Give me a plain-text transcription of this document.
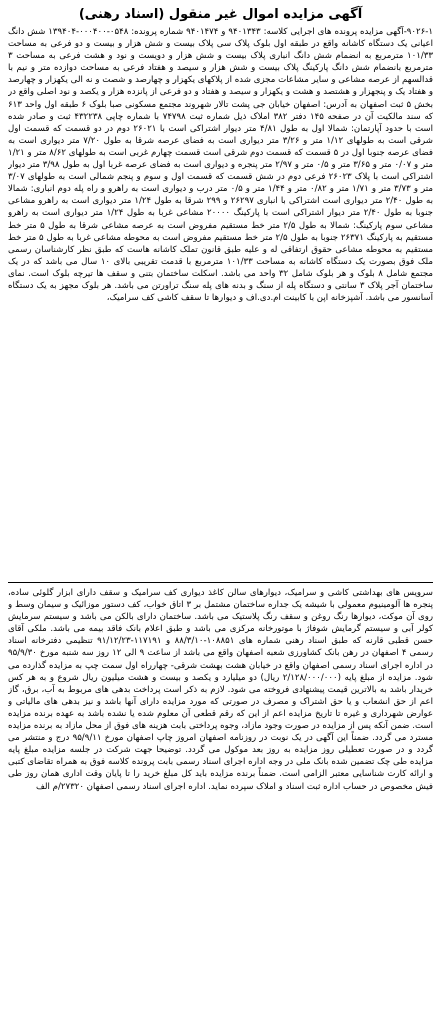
آگهی مزایده اموال غیر منقول (اسناد رهنی)

۹۰۲۶-۱-آگهی مزایده پرونده های اجرایی کلاسه: ۹۴۰۱۳۴۳ و ۹۴۰۱۴۷۴ شماره پرونده: ۰۵۴۸-۰۰۰۴۰۰-۱۳۹۴۰۴ شش دانگ اعیانی یک دستگاه کاشانه واقع در طبقه اول بلوک پلاک سی پلاک بیست و شش هزار و بیست و دو فرعی به مساحت ۱۰۱/۳۳ مترمربع به انضمام شش دانگ انباری پلاک بیست و شش هزار و دویست و نود و هشت فرعی به مساحت ۳ مترمربع بانضمام شش دانگ پارکینگ پلاک بیست و شش هزار و سیصد و هفتاد فرعی به مساحت دوازده متر و نیم با قدالسهم از عرصه مشاعی و سایر مشاعات مجزی شده از پلاکهای یکهزار و چهارصد و شصت و نه الی یکهزار و چهارصد و هفتاد یک و پنجهزار و هشتصد و هشت و یکهزار و سیصد و هفتاد و دو فرعی از پانزده هزار و یکصد و نود اصلی واقع در بخش ۵ ثبت اصفهان به آدرس: اصفهان خیابان جی پشت تالار شهروند مجتمع مسکونی صبا بلوک ۶ طبقه اول واحد ۶۱۳ که سند مالکیت آن در صفحه ۱۴۵ دفتر ۳۸۲ املاک ذیل شماره ثبت ۷۴۷۹۸ با شماره چاپی ۴۳۲۲۳۸ ثبت و صادر شده است با حدود آپارتمان: شمالا اول به طول ۴/۸۱ متر دیوار اشتراکی است با ۲۶۰۲۱ دوم در دو قسمت که قسمت اول شرقی است به طولهای ۱/۱۲ متر و ۳/۲۶ متر دیواری است به فضای عرصه شرقا به طول ۷/۲۰ متر دیواری است به فضای عرصه جنوبا اول در ۵ قسمت که قسمت دوم شرقی است قسمت چهارم غربی است به طولهای ۸/۶۲ متر و ۱/۲۱ متر و ۰/۰۷ متر و ۳/۶۵ متر و ۰/۵ متر و ۲/۹۷ متر پنجره و دیواری است به فضای عرصه غربا اول به طول ۳/۹۸ متر دیوار اشتراکی است با پلاک ۲۶۰۲۳ فرعی دوم در شش قسمت که قسمت اول و سوم و پنجم شمالی است به طولهای ۳/۰۷ متر و ۳/۷۳ متر و ۱/۷۱ متر و ۰/۸۲ متر و ۱/۴۴ متر و ۰/۵ متر درب و دیواری است به راهرو و راه پله دوم انباری: شمالا به طول ۲/۴۰ متر دیواری است اشتراکی با انباری ۲۶۲۹۷ و ۲۹۹ شرقا به طول ۱/۲۴ متر دیواری است به راهرو مشاعی جنوبا به طول ۲/۴۰ متر دیوار اشتراکی است با پارکینگ ۲۰۰۰۰ مشاعی غربا به طول ۱/۲۴ متر دیواری است به راهرو مشاعی سوم پارکینگ: شمالا به طول ۲/۵ متر خط مستقیم مفروض است به عرصه مشاعی شرقا به طول ۵ متر خط مستقیم به پارکینگ ۲۶۳۷۱ جنوبا به طول ۲/۵ متر خط مستقیم مفروض است به محوطه مشاعی غربا به طول ۵ متر خط مستقیم به محوطه مشاعی حقوق ارتفاقی له و علیه طبق قانون تملک کاشانه هاست که طبق نظر کارشناسان رسمی ملک فوق بصورت یک دستگاه کاشانه به مساحت ۱۰۱/۳۳ مترمربع با قدمت تقریبی بالای ۱۰ سال می باشد که در یک مجتمع شامل ۸ بلوک و هر بلوک شامل ۳۲ واحد می باشد. اسکلت ساختمان بتنی و سقف ها تیرچه بلوک است. نمای ساختمان آجر پلاک ۳ سانتی و دستگاه پله از سنگ و بدنه های پله سنگ تراورتن می باشد. هر بلوک مجهز به یک دستگاه آسانسور می باشد. آشپزخانه اپن با کابینت ام.دی.اف و دیوارها تا سقف کاشی کف سرامیک،

سرویس های بهداشتی کاشی و سرامیک، دیوارهای سالن کاغذ دیواری کف سرامیک و سقف دارای ابزار گلوئی ساده، پنجره ها آلومینیوم معمولی با شیشه یک جداره ساختمان مشتمل بر ۳ اتاق خواب، کف دستور موزائیک و سیمان وسط و روی آن موکت، دیوارها رنگ روغن و سقف رنگ پلاستیک می باشد. ساختمان دارای بالکن می باشد و سیستم سرمایش کولر آبی و سیستم گرمایش شوفاژ با موتورخانه مرکزی می باشد و طبق اعلام بانک فاقد بیمه می باشد. ملکی آقای حسن قطبی قارنه که طبق اسناد رهنی شماره های ۱۰۸۸۵۱-۸۸/۳/۱۰ و ۱۱۷۱۹۱-۹۱/۱۲/۲۳ تنظیمی دفترخانه اسناد رسمی ۴ اصفهان در رهن بانک کشاورزی شعبه اصفهان واقع می باشد از ساعت ۹ الی ۱۲ روز سه شنبه مورخ ۹۵/۹/۳۰ در اداره اجرای اسناد رسمی اصفهان واقع در خیابان هشت بهشت شرقی- چهارراه اول سمت چپ به مزایده گذارده می شود. مزایده از مبلغ پایه (۲/۱۲۸/۰۰۰/۰۰۰ ریال) دو میلیارد و یکصد و بیست و هشت میلیون ریال شروع و به هر کس خریدار باشد به بالاترین قیمت پیشنهادی فروخته می شود. لازم به ذکر است پرداخت بدهی های مربوط به آب، برق، گاز اعم از حق انشعاب و یا حق اشتراک و مصرف در صورتی که مورد مزایده دارای آنها باشد و نیز بدهی های مالیاتی و عوارض شهرداری و غیره تا تاریخ مزایده اعم از این که رقم قطعی آن معلوم شده یا نشده باشد به عهده برنده مزایده است. ضمن آنکه پس از مزایده در صورت وجود مازاد، وجوه پرداختی بابت هزینه های فوق از محل مازاد به برنده مزایده مسترد می گردد. ضمناً این آگهی در یک نوبت در روزنامه اصفهان امروز چاپ اصفهان مورخ ۹۵/۹/۱۱ درج و منتشر می گردد و در صورت تعطیلی روز مزایده به روز بعد موکول می گردد. توضیحا جهت شرکت در جلسه مزایده مبلغ پایه مزایده طی چک تضمین شده بانک ملی در وجه اداره اجرای اسناد رسمی بابت پرونده کلاسه فوق به همراه تقاضای کتبی و ارائه کارت شناسایی معتبر الزامی است. ضمناً برنده مزایده باید کل مبلغ خرید را تا پایان وقت اداری همان روز طی فیش مخصوص در حساب اداره ثبت اسناد و املاک سپرده نماید. اداره اجرای اسناد رسمی اصفهان ۲۷۳۲۰/م الف
